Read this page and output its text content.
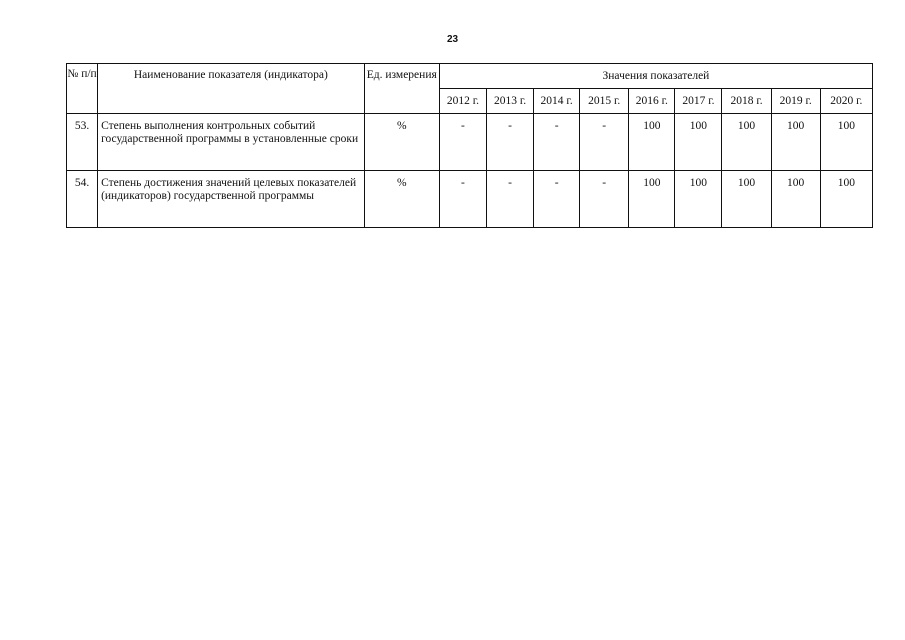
23
№ п/п	Наименование показателя (индикатора)	Ед. измерения	Значения показателей								
			2012 г.	2013 г.	2014 г.	2015 г.	2016 г.	2017 г.	2018 г.	2019 г.	2020 г.
53.	Степень выполнения контрольных событий государственной программы в установленные сроки	%	-	-	-	-	100	100	100	100	100
54.	Степень достижения значений целевых показателей (индикаторов) государственной программы	%	-	-	-	-	100	100	100	100	100
